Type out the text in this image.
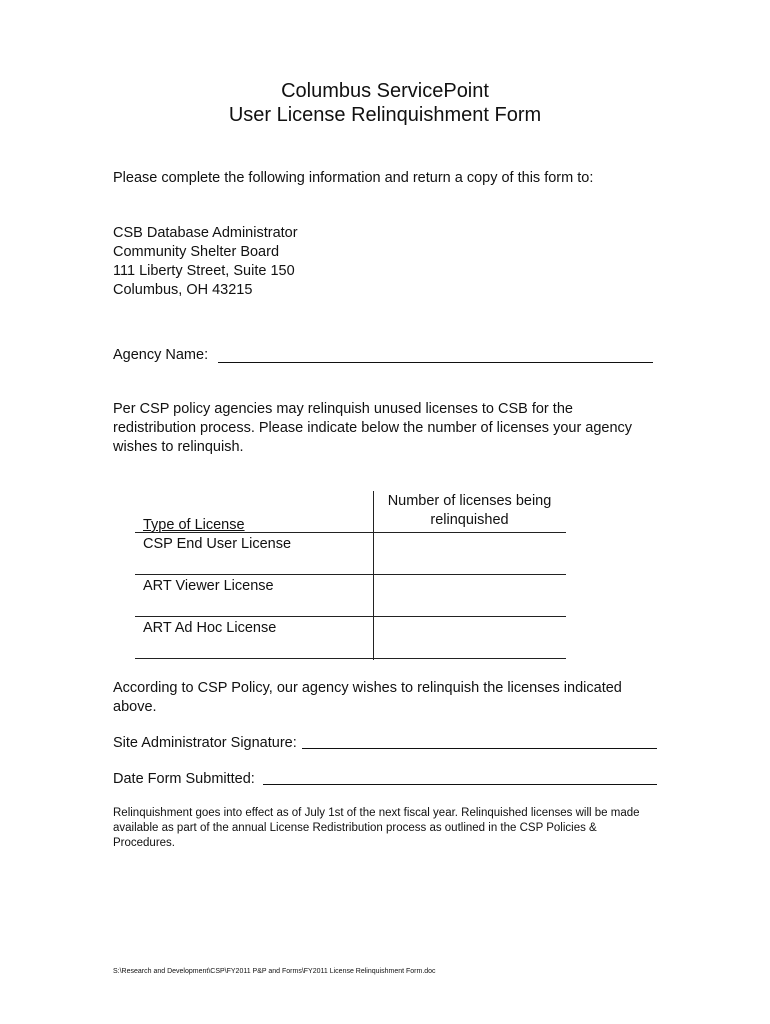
Columbus ServicePoint
User License Relinquishment Form
Please complete the following information and return a copy of this form to:
CSB Database Administrator
Community Shelter Board
111 Liberty Street, Suite 150
Columbus, OH 43215
Agency Name:
Per CSP policy agencies may relinquish unused licenses to CSB for the redistribution process. Please indicate below the number of licenses your agency wishes to relinquish.
Number of licenses being relinquished
Type of License
CSP End User License
ART Viewer License
ART Ad Hoc License
According to CSP Policy, our agency wishes to relinquish the licenses indicated above.
Site Administrator Signature:
Date Form Submitted:
Relinquishment goes into effect as of July 1st of the next fiscal year. Relinquished licenses will be made available as part of the annual License Redistribution process as outlined in the CSP Policies & Procedures.
S:\Research and Development\CSP\FY2011 P&P and Forms\FY2011 License Relinquishment Form.doc
